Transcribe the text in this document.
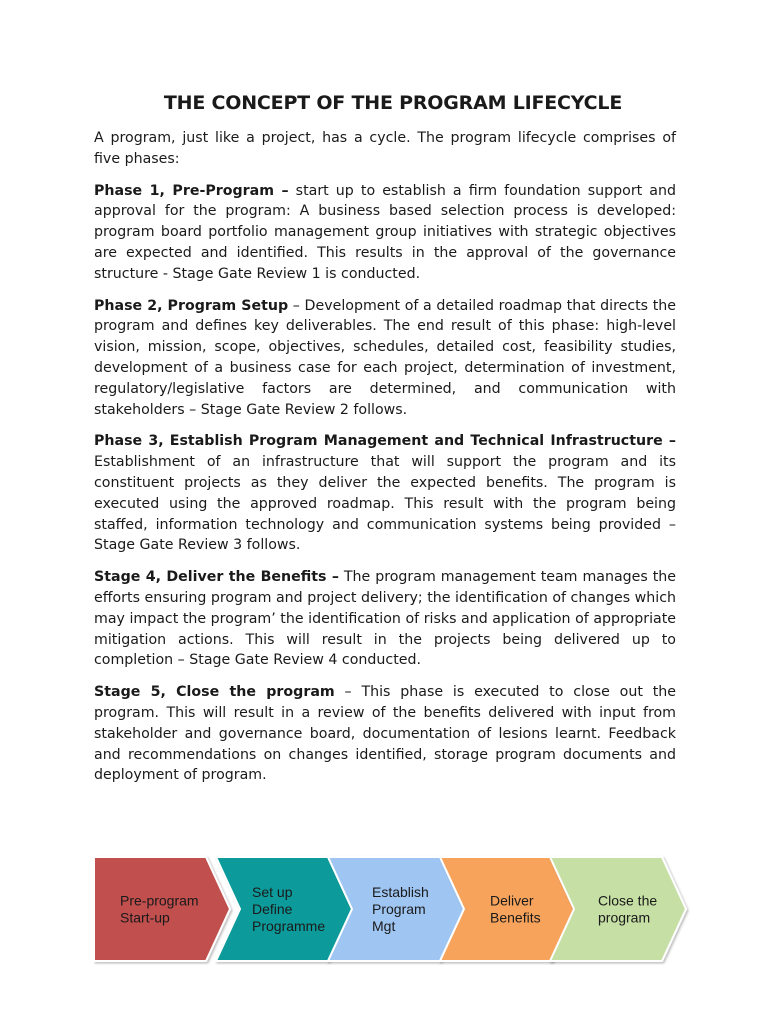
THE CONCEPT OF THE PROGRAM LIFECYCLE

A program, just like a project, has a cycle. The program lifecycle comprises of five phases:

Phase 1, Pre-Program – start up to establish a firm foundation support and approval for the program: A business based selection process is developed: program board portfolio management group initiatives with strategic objectives are expected and identified. This results in the approval of the governance structure - Stage Gate Review 1 is conducted.

Phase 2, Program Setup – Development of a detailed roadmap that directs the program and defines key deliverables. The end result of this phase: high-level vision, mission, scope, objectives, schedules, detailed cost, feasibility studies, development of a business case for each project, determination of investment, regulatory/legislative factors are determined, and communication with stakeholders – Stage Gate Review 2 follows.

Phase 3, Establish Program Management and Technical Infrastructure – Establishment of an infrastructure that will support the program and its constituent projects as they deliver the expected benefits. The program is executed using the approved roadmap. This result with the program being staffed, information technology and communication systems being provided – Stage Gate Review 3 follows.

Stage 4, Deliver the Benefits – The program management team manages the efforts ensuring program and project delivery; the identification of changes which may impact the program’ the identification of risks and application of appropriate mitigation actions. This will result in the projects being delivered up to completion – Stage Gate Review 4 conducted.

Stage 5, Close the program – This phase is executed to close out the program. This will result in a review of the benefits delivered with input from stakeholder and governance board, documentation of lesions learnt. Feedback and recommendations on changes identified, storage program documents and deployment of program.

Pre-program Start-up
Set up Define Programme
Establish Program Mgt
Deliver Benefits
Close the program
